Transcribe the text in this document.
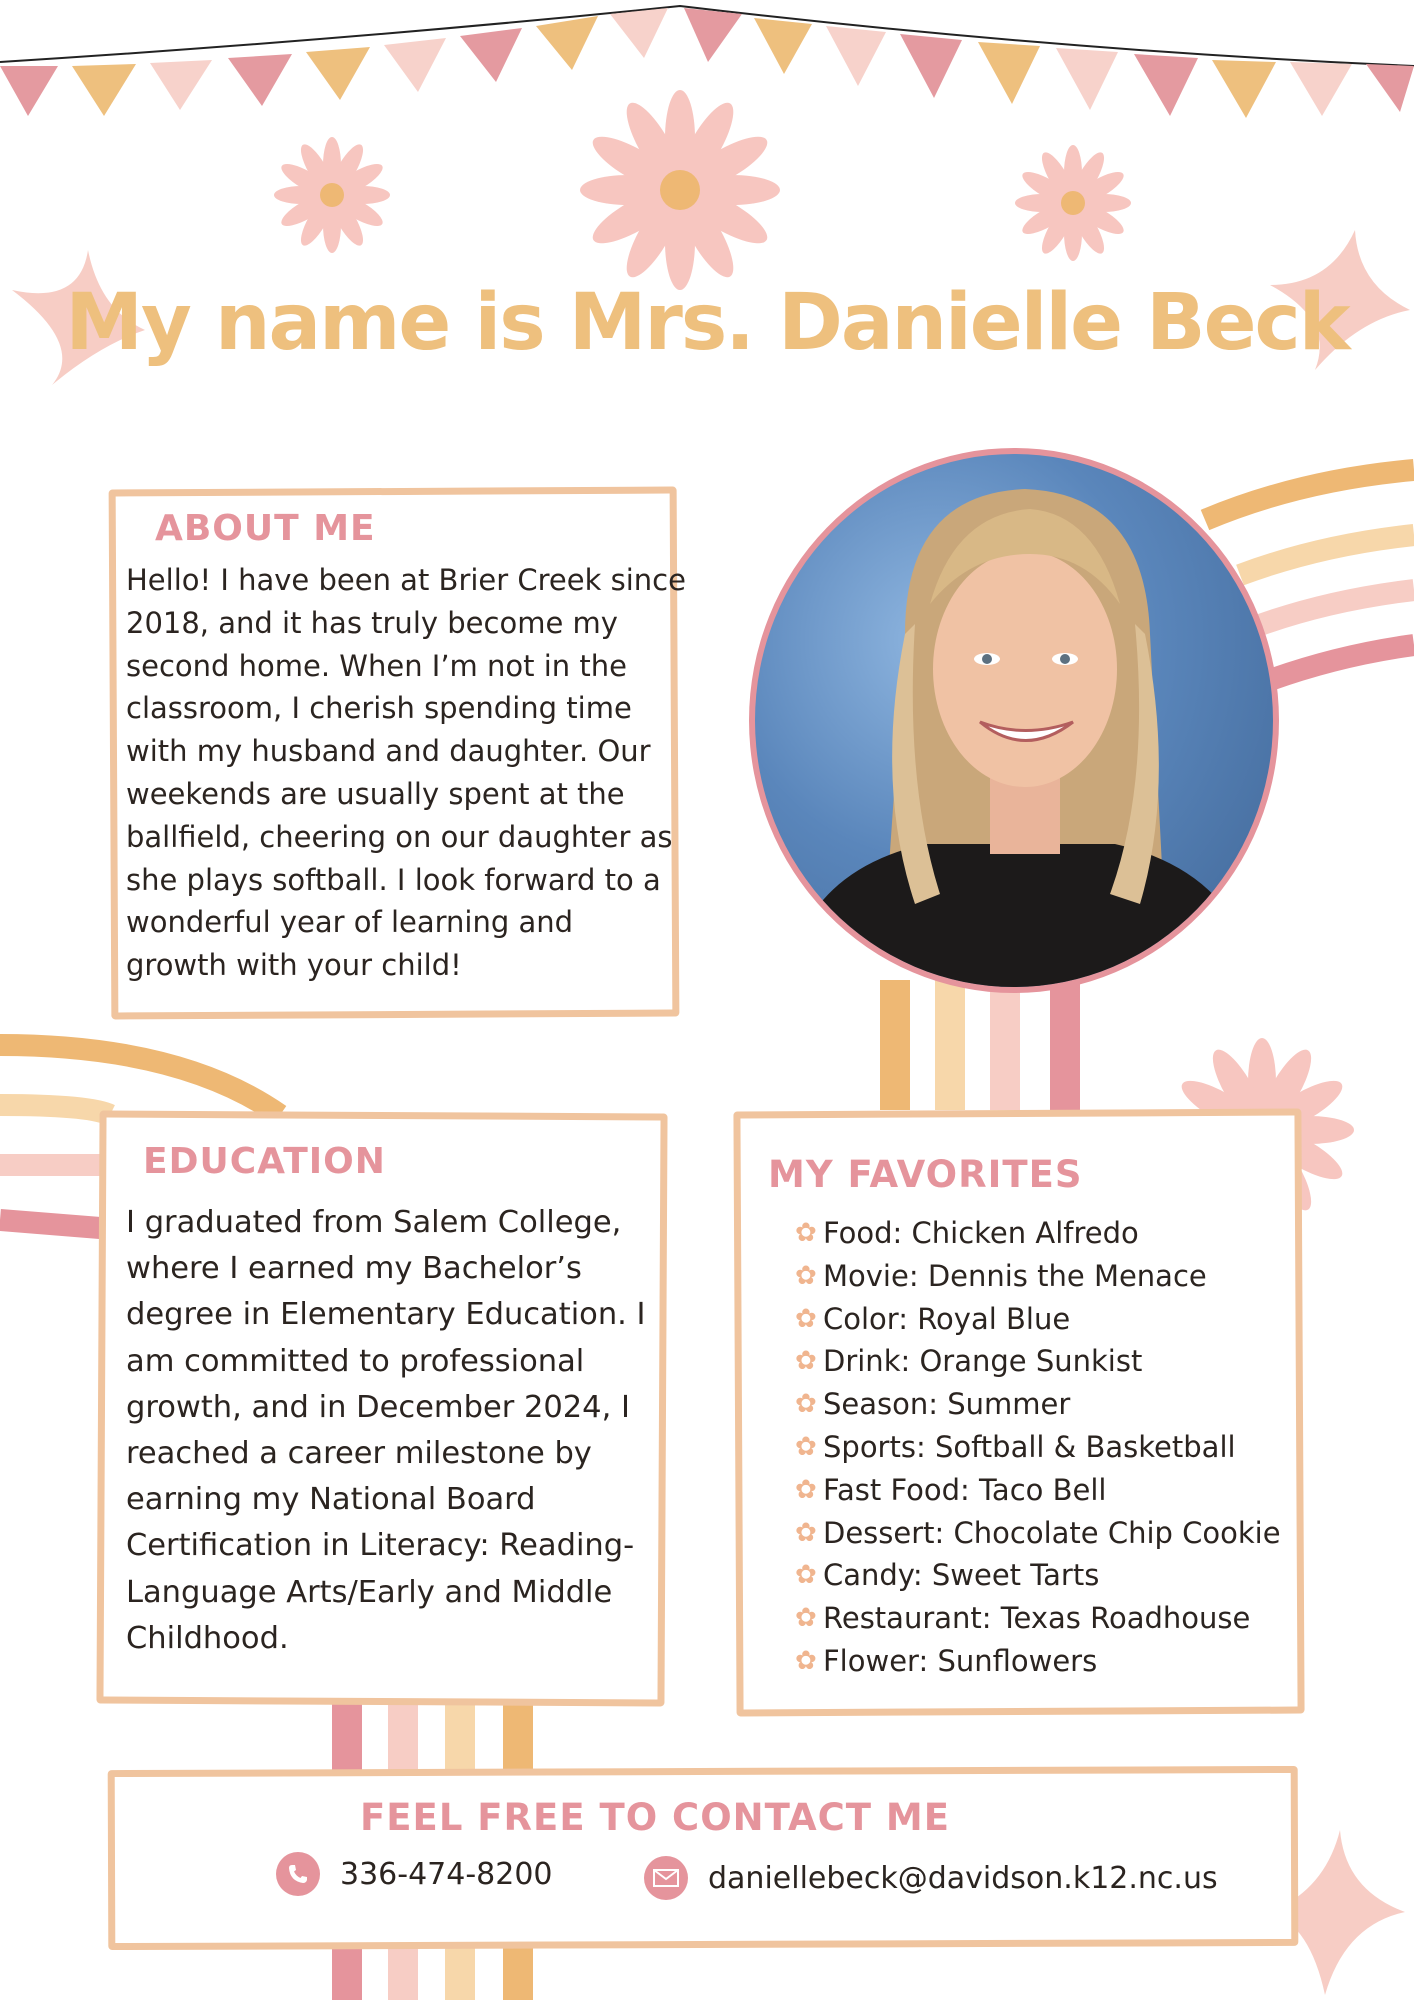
My name is Mrs. Danielle Beck
ABOUT ME
Hello! I have been at Brier Creek since
2018, and it has truly become my
second home. When I’m not in the
classroom, I cherish spending time
with my husband and daughter. Our
weekends are usually spent at the
ballfield, cheering on our daughter as
she plays softball. I look forward to a
wonderful year of learning and
growth with your child!
EDUCATION
I graduated from Salem College,
where I earned my Bachelor’s
degree in Elementary Education. I
am committed to professional
growth, and in December 2024, I
reached a career milestone by
earning my National Board
Certification in Literacy: Reading-
Language Arts/Early and Middle
Childhood.
MY FAVORITES
✿ Food: Chicken Alfredo
✿ Movie: Dennis the Menace
✿ Color: Royal Blue
✿ Drink: Orange Sunkist
✿ Season: Summer
✿ Sports: Softball & Basketball
✿ Fast Food: Taco Bell
✿ Dessert: Chocolate Chip Cookie
✿ Candy: Sweet Tarts
✿ Restaurant: Texas Roadhouse
✿ Flower: Sunflowers
FEEL FREE TO CONTACT ME
336-474-8200	daniellebeck@davidson.k12.nc.us
